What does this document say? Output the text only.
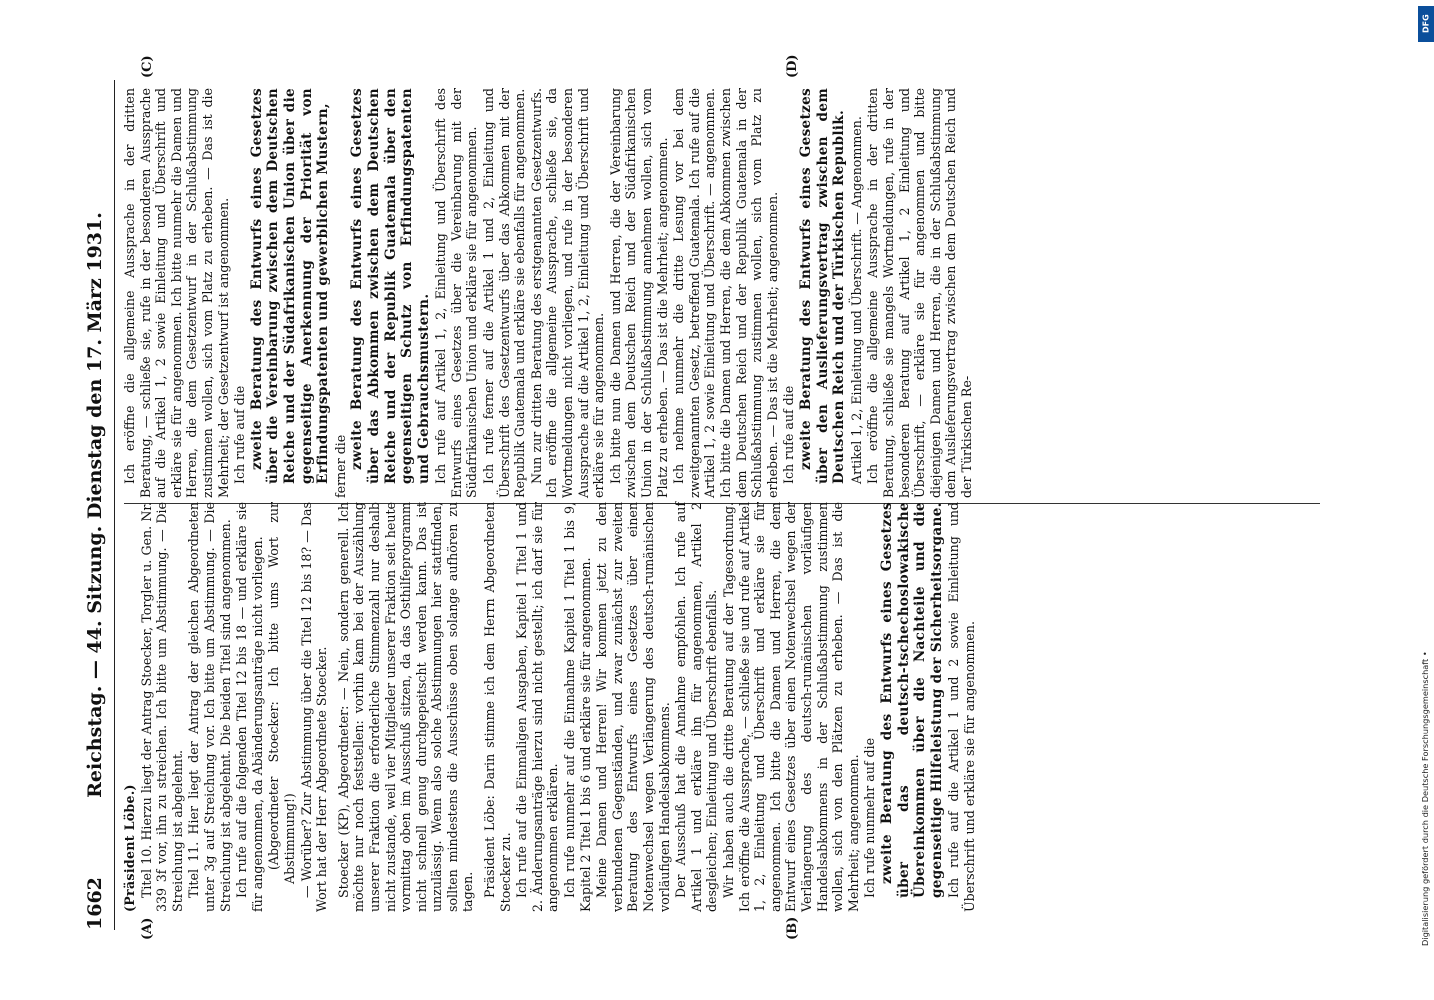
1662
Reichstag. — 44. Sitzung. Dienstag den 17. März 1931.
(A)	(B)
(C)	(D)

(Präsident Löbe.) Titel 10. Hierzu liegt der Antrag Stoecker, Torgler u. Gen. Nr. 339 3f vor, ihn zu streichen. Ich bitte um Abstimmung. — Die Streichung ist abgelehnt. Titel 11. Hier liegt der Antrag der gleichen Abgeordneten unter 3g auf Streichung vor. Ich bitte um Abstimmung. — Die Streichung ist abgelehnt. Die beiden Titel sind angenommen. Ich rufe auf die folgenden Titel 12 bis 18 — und erkläre sie für angenommen, da Abänderungsanträge nicht vorliegen. (Abgeordneter Stoecker: Ich bitte ums Wort zur Abstimmung!) — Worüber? Zur Abstimmung über die Titel 12 bis 18? — Das Wort hat der Herr Abgeordnete Stoecker. Stoecker (KP), Abgeordneter: — Nein, sondern generell. Ich möchte nur noch feststellen: vorhin kam bei der Auszählung unserer Fraktion die erforderliche Stimmenzahl nur deshalb nicht zustande, weil vier Mitglieder unserer Fraktion seit heute vormittag oben im Ausschuß sitzen, da das Osthilfeprogramm nicht schnell genug durchgepeitscht werden kann. Das ist unzulässig. Wenn also solche Abstimmungen hier stattfinden, sollten mindestens die Ausschüsse oben solange aufhören zu tagen. Präsident Löbe: Darin stimme ich dem Herrn Abgeordneten Stoecker zu. Ich rufe auf die Einmaligen Ausgaben, Kapitel 1 Titel 1 und 2. Änderungsanträge hierzu sind nicht gestellt; ich darf sie für angenommen erklären. Ich rufe nunmehr auf die Einnahme Kapitel 1 Titel 1 bis 9, Kapitel 2 Titel 1 bis 6 und erkläre sie für angenommen. Meine Damen und Herren! Wir kommen jetzt zu den verbundenen Gegenständen, und zwar zunächst zur zweiten Beratung des Entwurfs eines Gesetzes über einen Notenwechsel wegen Verlängerung des deutsch-rumänischen vorläufigen Handelsabkommens. Der Ausschuß hat die Annahme empfohlen. Ich rufe auf Artikel 1 und erkläre ihn für angenommen, Artikel 2 desgleichen; Einleitung und Überschrift ebenfalls. Wir haben auch die dritte Beratung auf der Tagesordnung. Ich eröffne die Aussprache, — schließe sie und rufe auf Artikel 1, 2, Einleitung und Überschrift und erkläre sie für angenommen. Ich bitte die Damen und Herren, die dem Entwurf eines Gesetzes über einen Notenwechsel wegen der Verlängerung des deutsch-rumänischen vorläufigen Handelsabkommens in der Schlußabstimmung zustimmen wollen, sich von den Plätzen zu erheben. — Das ist die Mehrheit; angenommen. Ich rufe nunmehr auf die zweite Beratung des Entwurfs eines Gesetzes über das deutsch-tschechoslowakische Übereinkommen über die Nachteile und die gegenseitige Hilfeleistung der Sicherheitsorgane. Ich rufe auf die Artikel 1 und 2 sowie Einleitung und Überschrift und erkläre sie für angenommen.

Ich eröffne die allgemeine Aussprache in der dritten Beratung, — schließe sie, rufe in der besonderen Aussprache auf die Artikel 1, 2 sowie Einleitung und Überschrift und erkläre sie für angenommen. Ich bitte nunmehr die Damen und Herren, die dem Gesetzentwurf in der Schlußabstimmung zustimmen wollen, sich vom Platz zu erheben. — Das ist die Mehrheit; der Gesetzentwurf ist angenommen. Ich rufe auf die zweite Beratung des Entwurfs eines Gesetzes über die Vereinbarung zwischen dem Deutschen Reiche und der Südafrikanischen Union über die gegenseitige Anerkennung der Priorität von Erfindungspatenten und gewerblichen Mustern, ferner die zweite Beratung des Entwurfs eines Gesetzes über das Abkommen zwischen dem Deutschen Reiche und der Republik Guatemala über den gegenseitigen Schutz von Erfindungspatenten und Gebrauchsmustern. Ich rufe auf Artikel 1, 2, Einleitung und Überschrift des Entwurfs eines Gesetzes über die Vereinbarung mit der Südafrikanischen Union und erkläre sie für angenommen. Ich rufe ferner auf die Artikel 1 und 2, Einleitung und Überschrift des Gesetzentwurfs über das Abkommen mit der Republik Guatemala und erkläre sie ebenfalls für angenommen. Nun zur dritten Beratung des erstgenannten Gesetzentwurfs. Ich eröffne die allgemeine Aussprache, schließe sie, da Wortmeldungen nicht vorliegen, und rufe in der besonderen Aussprache auf die Artikel 1, 2, Einleitung und Überschrift und erkläre sie für angenommen. Ich bitte nun die Damen und Herren, die der Vereinbarung zwischen dem Deutschen Reich und der Südafrikanischen Union in der Schlußabstimmung annehmen wollen, sich vom Platz zu erheben. — Das ist die Mehrheit; angenommen. Ich nehme nunmehr die dritte Lesung vor bei dem zweitgenannten Gesetz, betreffend Guatemala. Ich rufe auf die Artikel 1, 2 sowie Einleitung und Überschrift. — angenommen. Ich bitte die Damen und Herren, die dem Abkommen zwischen dem Deutschen Reich und der Republik Guatemala in der Schlußabstimmung zustimmen wollen, sich vom Platz zu erheben. — Das ist die Mehrheit; angenommen. Ich rufe auf die zweite Beratung des Entwurfs eines Gesetzes über den Auslieferungsvertrag zwischen dem Deutschen Reich und der Türkischen Republik. Artikel 1, 2, Einleitung und Überschrift. — Angenommen. Ich eröffne die allgemeine Aussprache in der dritten Beratung, schließe sie mangels Wortmeldungen, rufe in der besonderen Beratung auf Artikel 1, 2 Einleitung und Überschrift, — erkläre sie für angenommen und bitte diejenigen Damen und Herren, die in der Schlußabstimmung dem Auslieferungsvertrag zwischen dem Deutschen Reich und der Türkischen Re-

DFG
Digitalisierung gefördert durch die Deutsche Forschungsgemeinschaft •
